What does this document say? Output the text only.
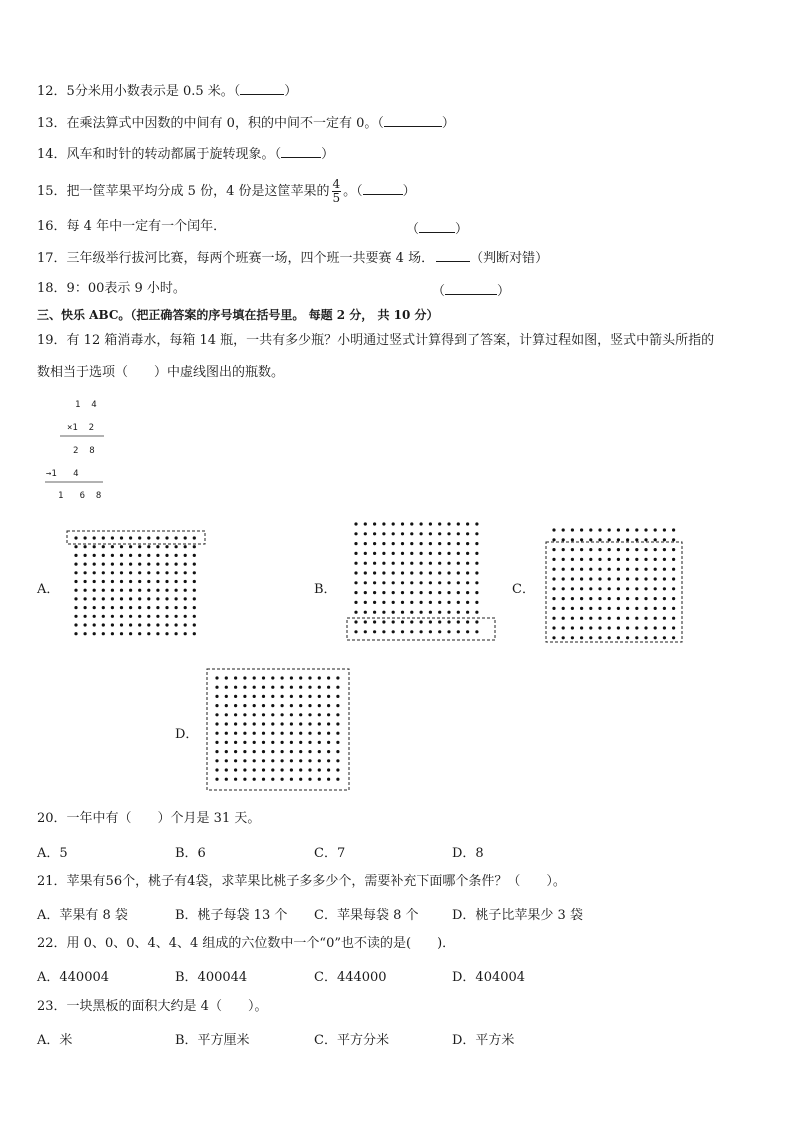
12．5分米用小数表示是 0.5 米。（	）
13．在乘法算式中因数的中间有 0，积的中间不一定有 0。（	）
14．风车和时针的转动都属于旋转现象。（	）
15．把一筐苹果平均分成 5 份，4 份是这筐苹果的 $\frac{4}{5}$ 。（	）
16．每 4 年中一定有一个闰年．	（	）
17．三年级举行拔河比赛，每两个班赛一场，四个班一共要赛 4 场．	（判断对错）
18．9：00表示 9 小时。	（	）
三、快乐 ABC。（把正确答案的序号填在括号里。 每题 2 分， 共 10 分）
19．有 12 箱消毒水，每箱 14 瓶，一共有多少瓶？小明通过竖式计算得到了答案，计算过程如图，竖式中箭头所指的
数相当于选项（　　）中虚线图出的瓶数。
1  4
×1  2
2  8
→1   4
1   6  8
A．	B．	C．
D．
20．一年中有（　　）个月是 31 天。
A．5	B．6	C．7	D．8
21．苹果有56个，桃子有4袋，求苹果比桃子多多少个，需要补充下面哪个条件？（　　）。
A．苹果有 8 袋	B．桃子每袋 13 个 C．苹果每袋 8 个	D．桃子比苹果少 3 袋
22．用 0、0、0、4、4、4 组成的六位数中一个“0”也不读的是(　　)．
A．440004	B．400044	C．444000	D．404004
23．一块黑板的面积大约是 4（　　）。
A．米	B．平方厘米	C．平方分米	D．平方米
